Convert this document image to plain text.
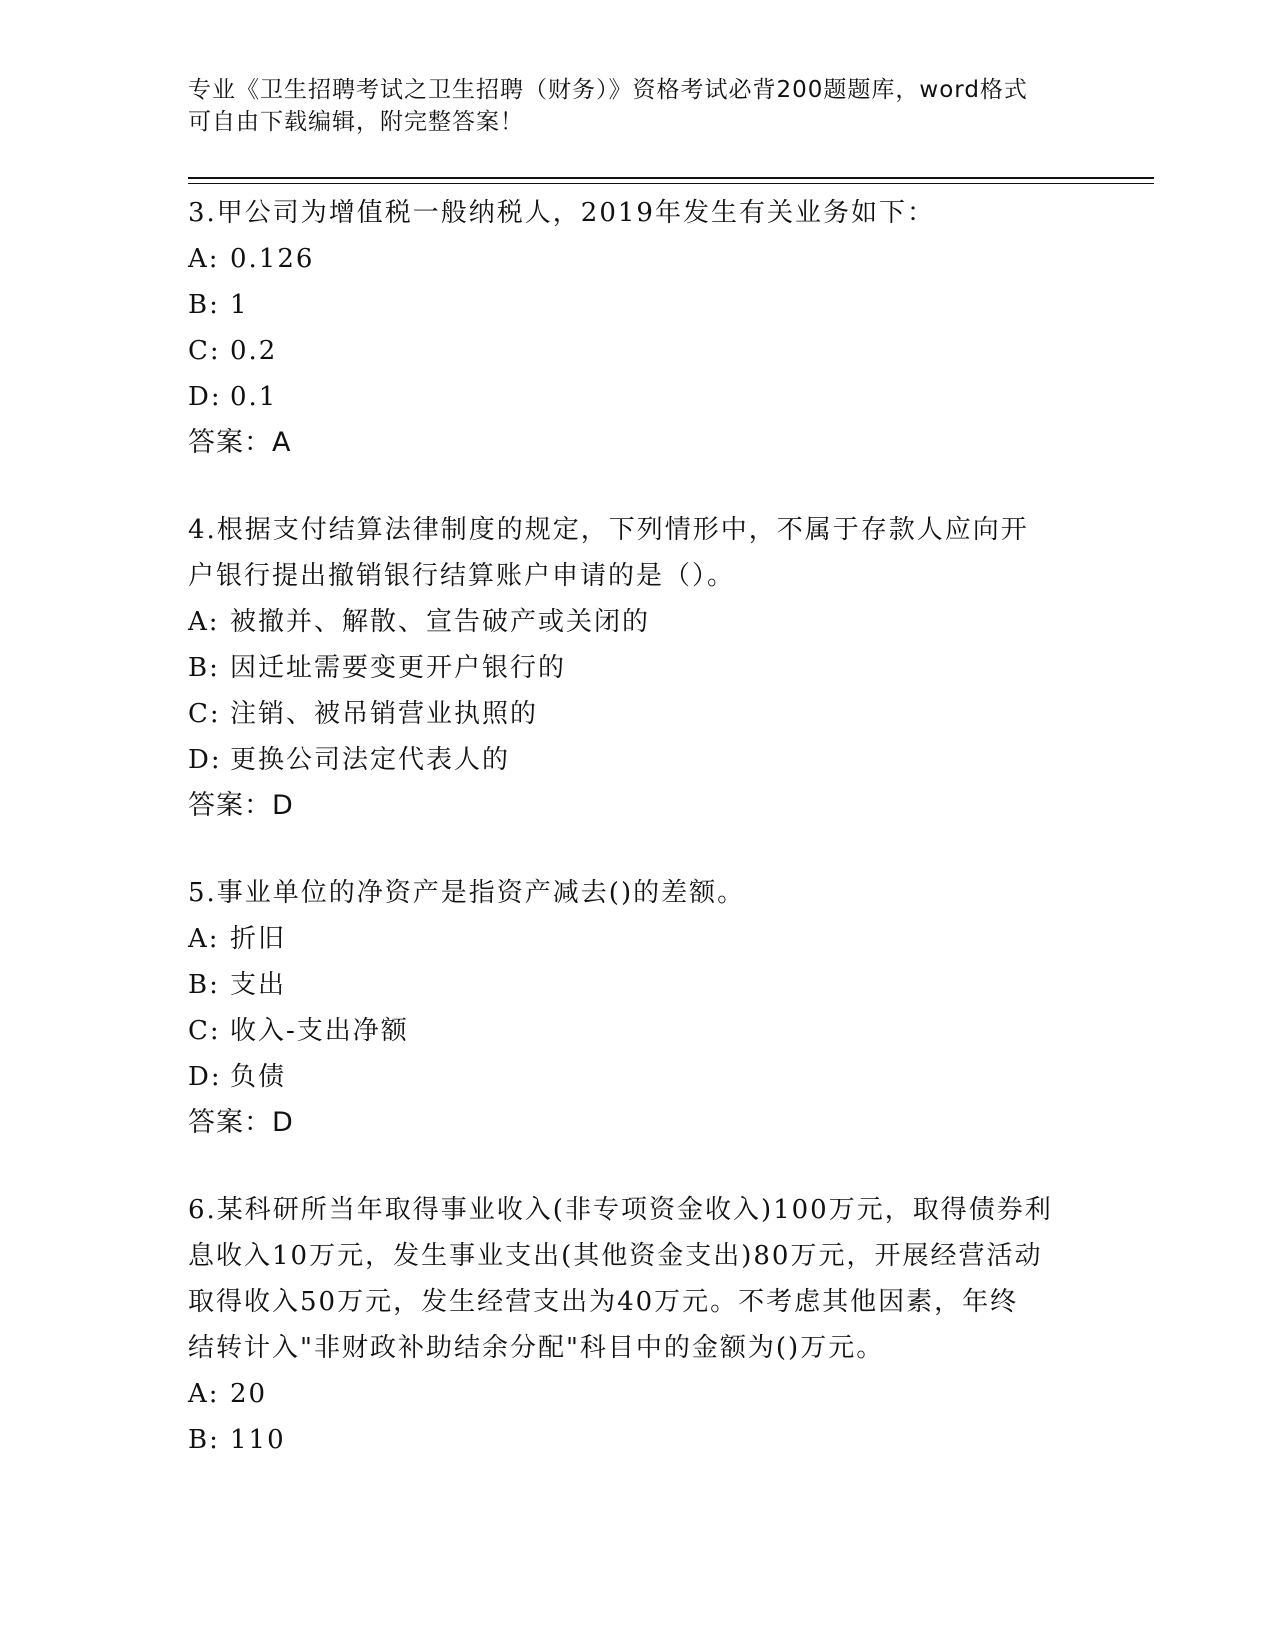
专业《卫生招聘考试之卫生招聘（财务）》资格考试必背200题题库，word格式
可自由下载编辑，附完整答案！

3.甲公司为增值税一般纳税人，2019年发生有关业务如下：

A: 0.126

B: 1

C: 0.2

D: 0.1

答案：A

4.根据支付结算法律制度的规定，下列情形中，不属于存款人应向开

户银行提出撤销银行结算账户申请的是（）。

A: 被撤并、解散、宣告破产或关闭的

B: 因迁址需要变更开户银行的

C: 注销、被吊销营业执照的

D: 更换公司法定代表人的

答案：D

5.事业单位的净资产是指资产减去()的差额。

A: 折旧

B: 支出

C: 收入-支出净额

D: 负债

答案：D

6.某科研所当年取得事业收入(非专项资金收入)100万元，取得债券利

息收入10万元，发生事业支出(其他资金支出)80万元，开展经营活动

取得收入50万元，发生经营支出为40万元。不考虑其他因素，年终

结转计入"非财政补助结余分配"科目中的金额为()万元。

A: 20

B: 110
